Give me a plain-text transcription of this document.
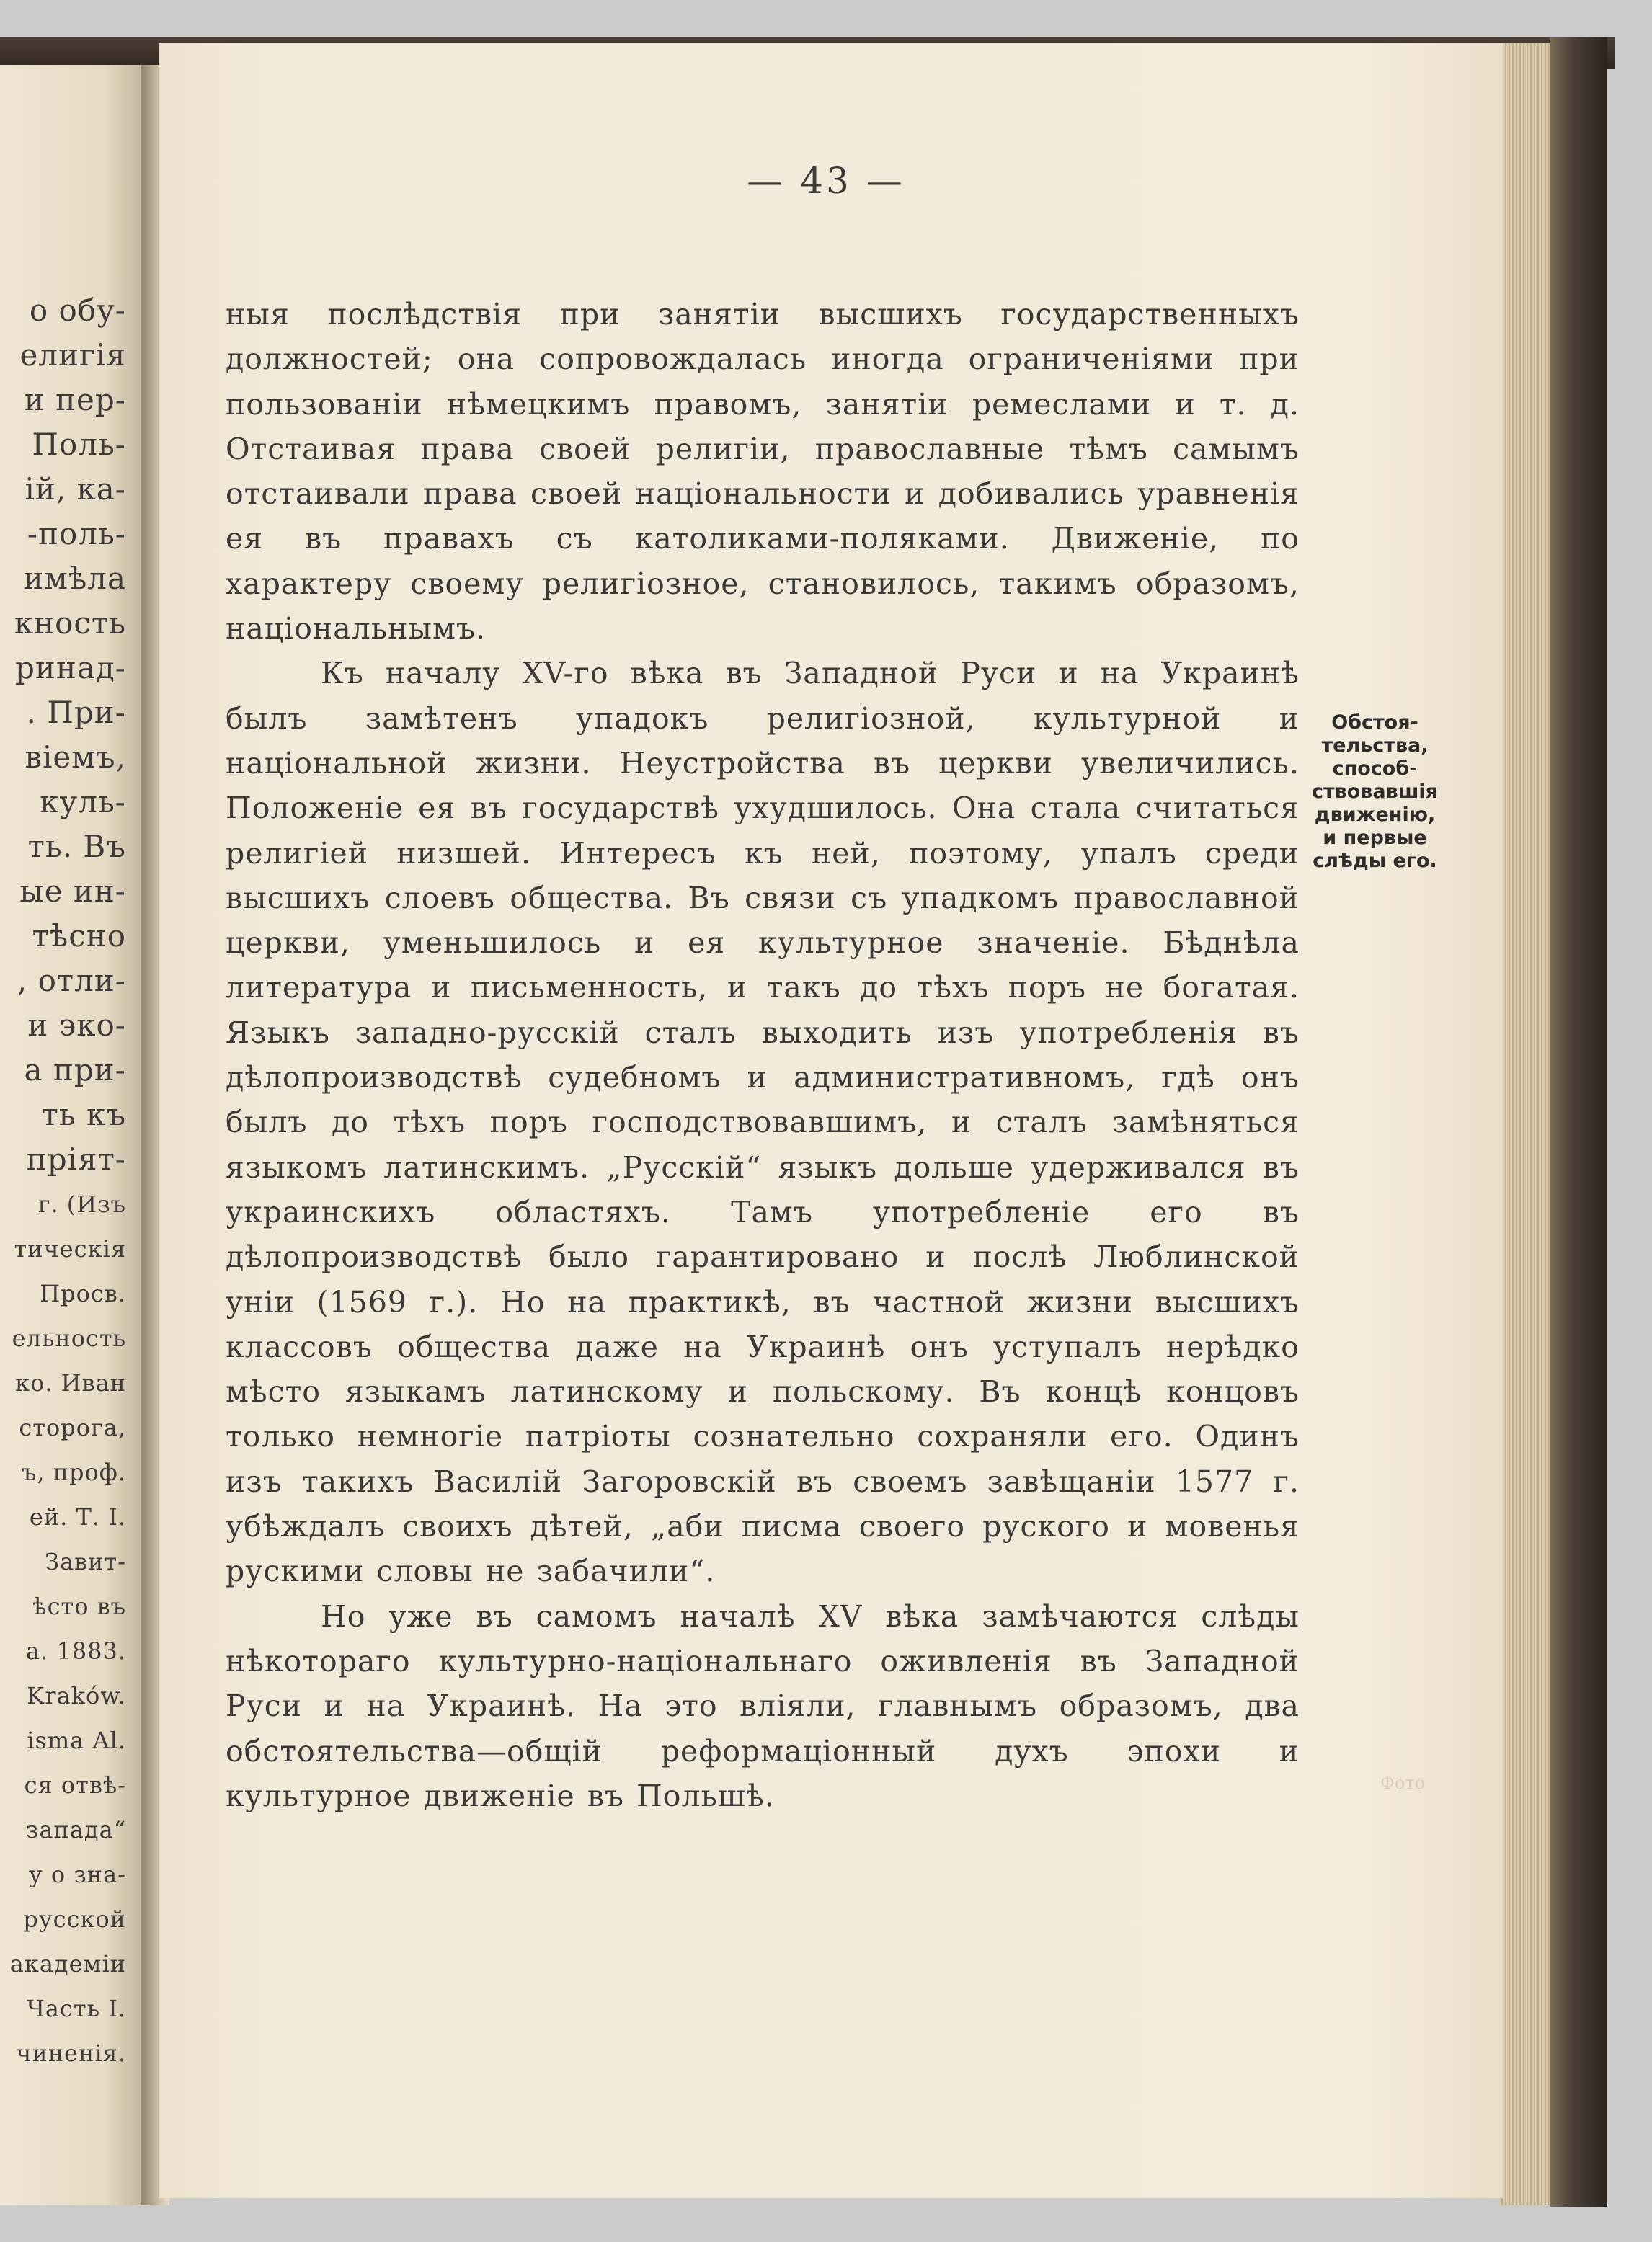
о обу-
елигія
и пер-
Поль-
ій, ка-
-поль-
имѣла
кность
ринад-
. При-
віемъ,
куль-
ть. Въ
ые ин-
тѣсно
, отли-
и эко-
а при-
ть къ
пріят-
г. (Изъ
тическія
Просв.
ельность
ко. Иван
сторога,
ъ, проф.
ей. Т. I.
Завит-
ѣсто въ
а. 1883.
Kraków.
isma Al.
ся отвѣ-
запада“
у о зна-
русской
академіи
Часть I.
чиненія.
— 43 —

ныя послѣдствія при занятіи высшихъ государственныхъ должностей; она сопровождалась иногда ограниченіями при пользованіи нѣмецкимъ правомъ, занятіи ремеслами и т. д. Отстаивая права своей религіи, православные тѣмъ самымъ отстаивали права своей національности и добивались уравненія ея въ правахъ съ католиками-поляками. Движеніе, по характеру своему религіозное, становилось, такимъ образомъ, національнымъ.

Къ началу XV-го вѣка въ Западной Руси и на Украинѣ былъ замѣтенъ упадокъ религіозной, культурной и національной жизни. Неустройства въ церкви увеличились. Положеніе ея въ государствѣ ухудшилось. Она стала считаться религіей низшей. Интересъ къ ней, поэтому, упалъ среди высшихъ слоевъ общества. Въ связи съ упадкомъ православной церкви, уменьшилось и ея культурное значеніе. Бѣднѣла литература и письменность, и такъ до тѣхъ поръ не богатая. Языкъ западно-русскій сталъ выходить изъ употребленія въ дѣлопроизводствѣ судебномъ и административномъ, гдѣ онъ былъ до тѣхъ поръ господствовавшимъ, и сталъ замѣняться языкомъ латинскимъ. „Русскій“ языкъ дольше удерживался въ украинскихъ областяхъ. Тамъ употребленіе его въ дѣлопроизводствѣ было гарантировано и послѣ Люблинской уніи (1569 г.). Но на практикѣ, въ частной жизни высшихъ классовъ общества даже на Украинѣ онъ уступалъ нерѣдко мѣсто языкамъ латинскому и польскому. Въ концѣ концовъ только немногіе патріоты сознательно сохраняли его. Одинъ изъ такихъ Василій Загоровскій въ своемъ завѣщаніи 1577 г. убѣждалъ своихъ дѣтей, „аби писма своего руского и мовенья рускими словы не забачили“.

Но уже въ самомъ началѣ XV вѣка замѣчаются слѣды нѣкотораго культурно-національнаго оживленія въ Западной Руси и на Украинѣ. На это вліяли, главнымъ образомъ, два обстоятельства—общій реформаціонный духъ эпохи и культурное движеніе въ Польшѣ.

Обстоя-
тельства,
способ-
ствовавшія
движенію,
и первые
слѣды его.
Фото
